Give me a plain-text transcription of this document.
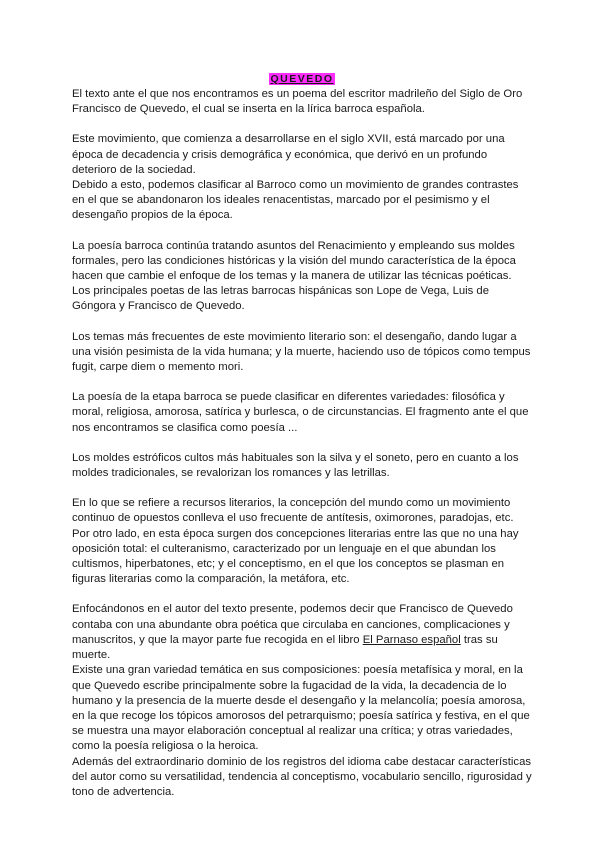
QUEVEDO

El texto ante el que nos encontramos es un poema del escritor madrileño del Siglo de Oro Francisco de Quevedo, el cual se inserta en la lírica barroca española.

Este movimiento, que comienza a desarrollarse en el siglo XVII, está marcado por una época de decadencia y crisis demográfica y económica, que derivó en un profundo deterioro de la sociedad.

Debido a esto, podemos clasificar al Barroco como un movimiento de grandes contrastes en el que se abandonaron los ideales renacentistas, marcado por el pesimismo y el desengaño propios de la época.

La poesía barroca continúa tratando asuntos del Renacimiento y empleando sus moldes formales, pero las condiciones históricas y la visión del mundo característica de la época hacen que cambie el enfoque de los temas y la manera de utilizar las técnicas poéticas.

Los principales poetas de las letras barrocas hispánicas son Lope de Vega, Luis de Góngora y Francisco de Quevedo.

Los temas más frecuentes de este movimiento literario son: el desengaño, dando lugar a una visión pesimista de la vida humana; y la muerte, haciendo uso de tópicos como tempus fugit, carpe diem o memento mori.

La poesía de la etapa barroca se puede clasificar en diferentes variedades: filosófica y moral, religiosa, amorosa, satírica y burlesca, o de circunstancias. El fragmento ante el que nos encontramos se clasifica como poesía ...

Los moldes estróficos cultos más habituales son la silva y el soneto, pero en cuanto a los moldes tradicionales, se revalorizan los romances y las letrillas.

En lo que se refiere a recursos literarios, la concepción del mundo como un movimiento continuo de opuestos conlleva el uso frecuente de antítesis, oximorones, paradojas, etc.

Por otro lado, en esta época surgen dos concepciones literarias entre las que no una hay oposición total: el culteranismo, caracterizado por un lenguaje en el que abundan los cultismos, hiperbatones, etc; y el conceptismo, en el que los conceptos se plasman en figuras literarias como la comparación, la metáfora, etc.

Enfocándonos en el autor del texto presente, podemos decir que Francisco de Quevedo contaba con una abundante obra poética que circulaba en canciones, complicaciones y manuscritos, y que la mayor parte fue recogida en el libro El Parnaso español tras su muerte.

Existe una gran variedad temática en sus composiciones: poesía metafísica y moral, en la que Quevedo escribe principalmente sobre la fugacidad de la vida, la decadencia de lo humano y la presencia de la muerte desde el desengaño y la melancolía; poesía amorosa, en la que recoge los tópicos amorosos del petrarquismo; poesía satírica y festiva, en el que se muestra una mayor elaboración conceptual al realizar una crítica; y otras variedades, como la poesía religiosa o la heroica.

Además del extraordinario dominio de los registros del idioma cabe destacar características del autor como su versatilidad, tendencia al conceptismo, vocabulario sencillo, rigurosidad y tono de advertencia.
